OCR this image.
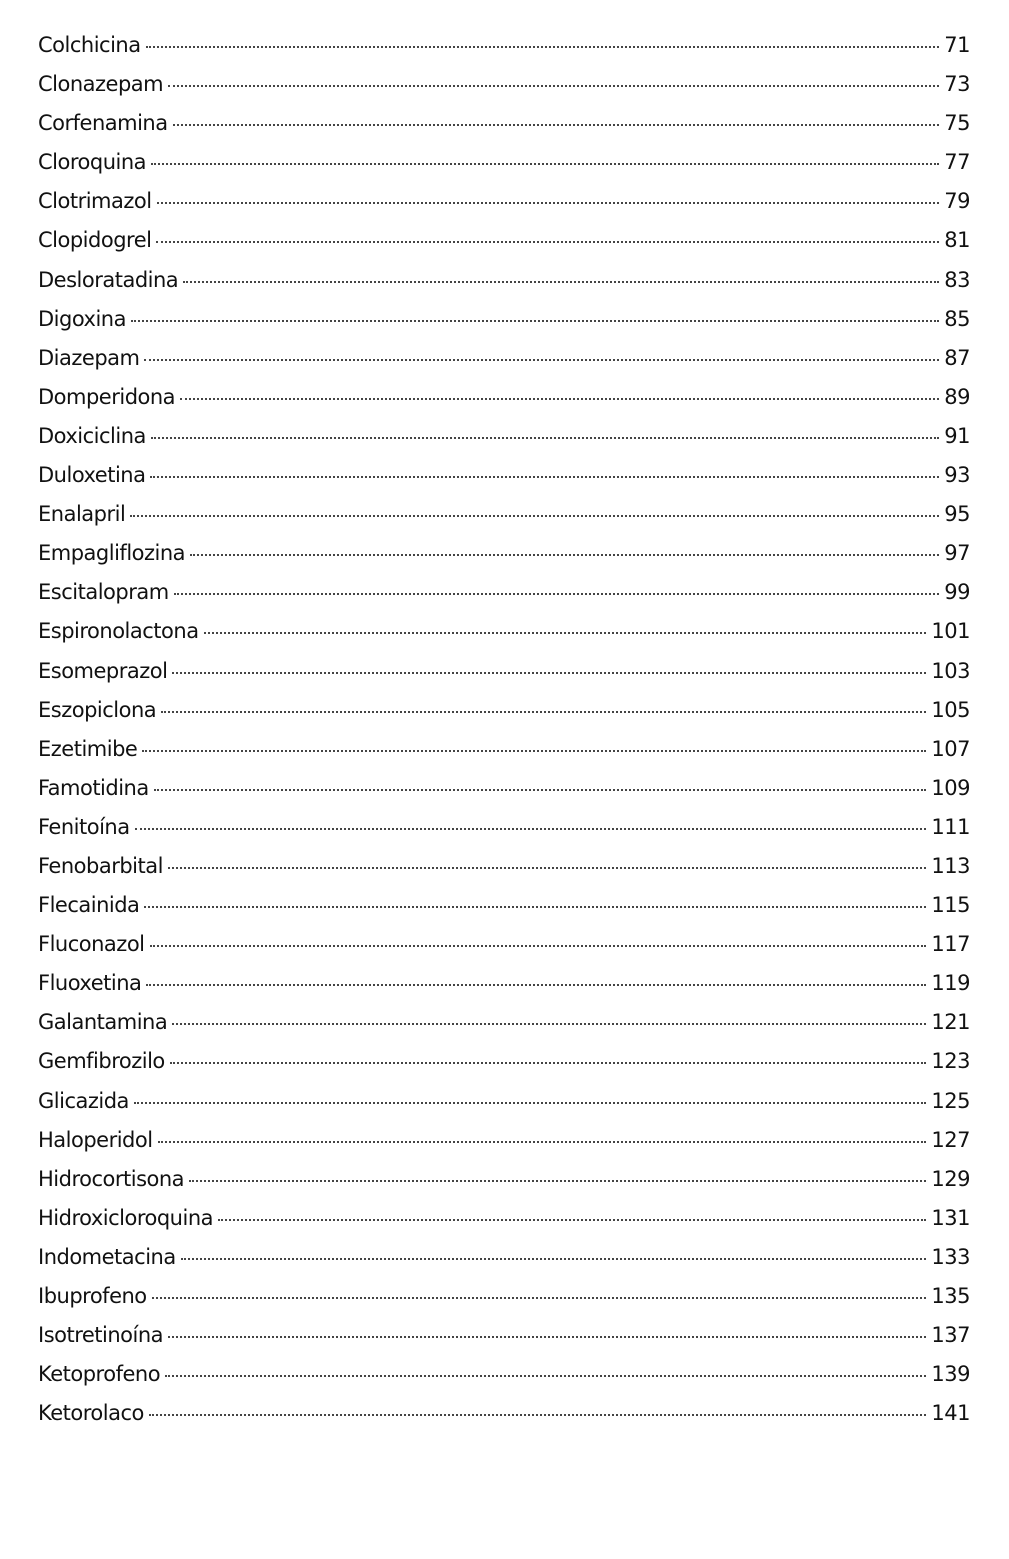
Colchicina	71
Clonazepam	73
Corfenamina	75
Cloroquina	77
Clotrimazol	79
Clopidogrel	81
Desloratadina	83
Digoxina	85
Diazepam	87
Domperidona	89
Doxiciclina	91
Duloxetina	93
Enalapril	95
Empagliflozina	97
Escitalopram	99
Espironolactona	101
Esomeprazol	103
Eszopiclona	105
Ezetimibe	107
Famotidina	109
Fenitoína	111
Fenobarbital	113
Flecainida	115
Fluconazol	117
Fluoxetina	119
Galantamina	121
Gemfibrozilo	123
Glicazida	125
Haloperidol	127
Hidrocortisona	129
Hidroxicloroquina	131
Indometacina	133
Ibuprofeno	135
Isotretinoína	137
Ketoprofeno	139
Ketorolaco	141
